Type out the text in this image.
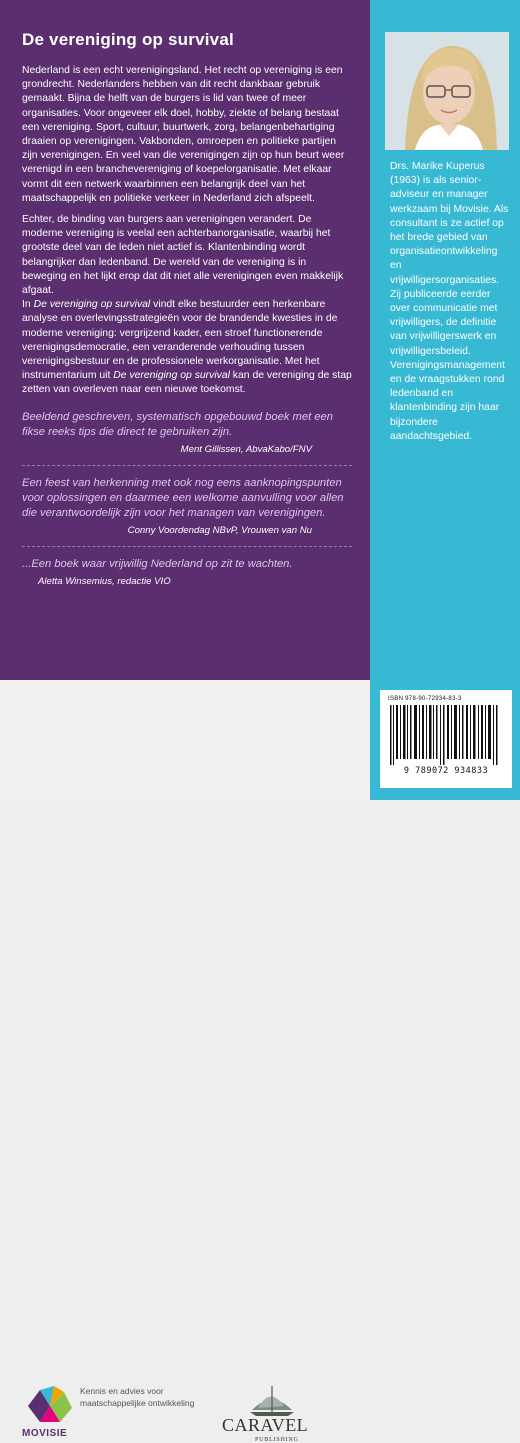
De vereniging op survival

Nederland is een echt verenigingsland. Het recht op vereniging is een grondrecht. Nederlanders hebben van dit recht dankbaar gebruik gemaakt. Bijna de helft van de burgers is lid van twee of meer organisaties. Voor ongeveer elk doel, hobby, ziekte of belang bestaat een vereniging. Sport, cultuur, buurtwerk, zorg, belangenbehartiging draaien op verenigingen. Vakbonden, omroepen en politieke partijen zijn verenigingen. En veel van die verenigingen zijn op hun beurt weer verenigd in een branchevereniging of koepelorganisatie. Met elkaar vormt dit een netwerk waarbinnen een belangrijk deel van het maatschappelijk en politieke verkeer in Nederland zich afspeelt.

Echter, de binding van burgers aan verenigingen verandert. De moderne vereniging is veelal een achterbanorganisatie, waarbij het grootste deel van de leden niet actief is. Klantenbinding wordt belangrijker dan ledenband. De wereld van de vereniging is in beweging en het lijkt erop dat dit niet alle verenigingen even makkelijk afgaat.

In De vereniging op survival vindt elke bestuurder een herkenbare analyse en overlevingsstrategieën voor de brandende kwesties in de moderne vereniging: vergrijzend kader, een stroef functionerende verenigingsdemocratie, een veranderende verhouding tussen verenigingsbestuur en de professionele werkorganisatie. Met het instrumentarium uit De vereniging op survival kan de vereniging de stap zetten van overleven naar een nieuwe toekomst.

Beeldend geschreven, systematisch opgebouwd boek met een fikse reeks tips die direct te gebruiken zijn.

Ment Gillissen, AbvaKabo/FNV

Een feest van herkenning met ook nog eens aanknopingspunten voor oplossingen en daarmee een welkome aanvulling voor allen die verantwoordelijk zijn voor het managen van verenigingen.

Conny Voordendag NBvP, Vrouwen van Nu

...Een boek waar vrijwillig Nederland op zit te wachten.

Aletta Winsemius, redactie VIO

Drs. Marike Kuperus (1963) is als senior-adviseur en manager werkzaam bij Movisie. Als consultant is ze actief op het brede gebied van organisatieontwikkeling en vrijwilligersorganisaties. Zij publiceerde eerder over communicatie met vrijwilligers, de definitie van vrijwilligerswerk en vrijwilligersbeleid. Verenigingsmanagement en de vraagstukken rond ledenband en klantenbinding zijn haar bijzondere aandachtsgebied.

MOVISIE
Kennis en advies voor maatschappelijke ontwikkeling
CARAVEL
PUBLISHING
ISBN 978-90-72934-83-3
9 789072 934833
